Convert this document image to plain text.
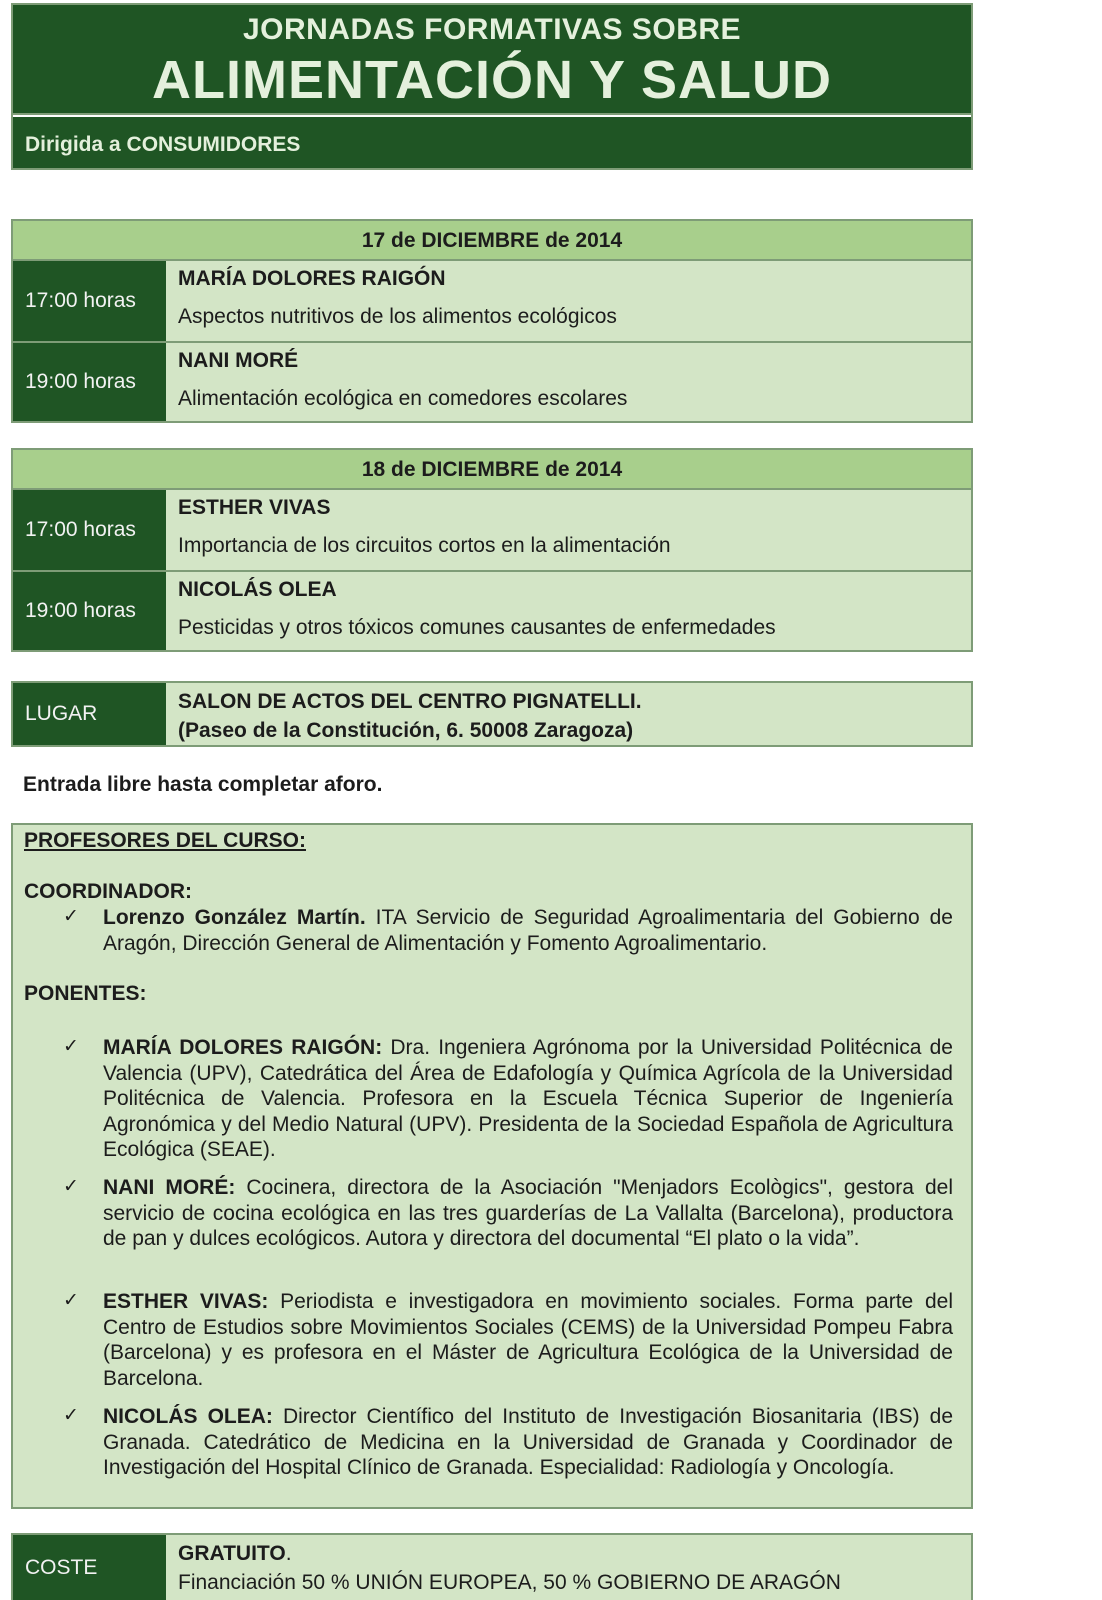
JORNADAS FORMATIVAS SOBRE
ALIMENTACIÓN Y SALUD
Dirigida a CONSUMIDORES
17 de DICIEMBRE de 2014
17:00 horas
MARÍA DOLORES RAIGÓN
Aspectos nutritivos de los alimentos ecológicos
19:00 horas
NANI MORÉ
Alimentación ecológica en comedores escolares
18 de DICIEMBRE de 2014
17:00 horas
ESTHER VIVAS
Importancia de los circuitos cortos en la alimentación
19:00 horas
NICOLÁS OLEA
Pesticidas y otros tóxicos comunes causantes de enfermedades
LUGAR
SALON DE ACTOS DEL CENTRO PIGNATELLI.
(Paseo de la Constitución, 6. 50008 Zaragoza)
Entrada libre hasta completar aforo.
PROFESORES DEL CURSO:
COORDINADOR:
✓ Lorenzo González Martín. ITA Servicio de Seguridad Agroalimentaria del Gobierno de Aragón, Dirección General de Alimentación y Fomento Agroalimentario.
PONENTES:
✓ MARÍA DOLORES RAIGÓN: Dra. Ingeniera Agrónoma por la Universidad Politécnica de Valencia (UPV), Catedrática del Área de Edafología y Química Agrícola de la Universidad Politécnica de Valencia. Profesora en la Escuela Técnica Superior de Ingeniería Agronómica y del Medio Natural (UPV). Presidenta de la Sociedad Española de Agricultura Ecológica (SEAE).
✓ NANI MORÉ: Cocinera, directora de la Asociación "Menjadors Ecològics", gestora del servicio de cocina ecológica en las tres guarderías de La Vallalta (Barcelona), productora de pan y dulces ecológicos. Autora y directora del documental “El plato o la vida”.
✓ ESTHER VIVAS: Periodista e investigadora en movimiento sociales. Forma parte del Centro de Estudios sobre Movimientos Sociales (CEMS) de la Universidad Pompeu Fabra (Barcelona) y es profesora en el Máster de Agricultura Ecológica de la Universidad de Barcelona.
✓ NICOLÁS OLEA: Director Científico del Instituto de Investigación Biosanitaria (IBS) de Granada. Catedrático de Medicina en la Universidad de Granada y Coordinador de Investigación del Hospital Clínico de Granada. Especialidad: Radiología y Oncología.
COSTE
GRATUITO.
Financiación 50 % UNIÓN EUROPEA, 50 % GOBIERNO DE ARAGÓN
